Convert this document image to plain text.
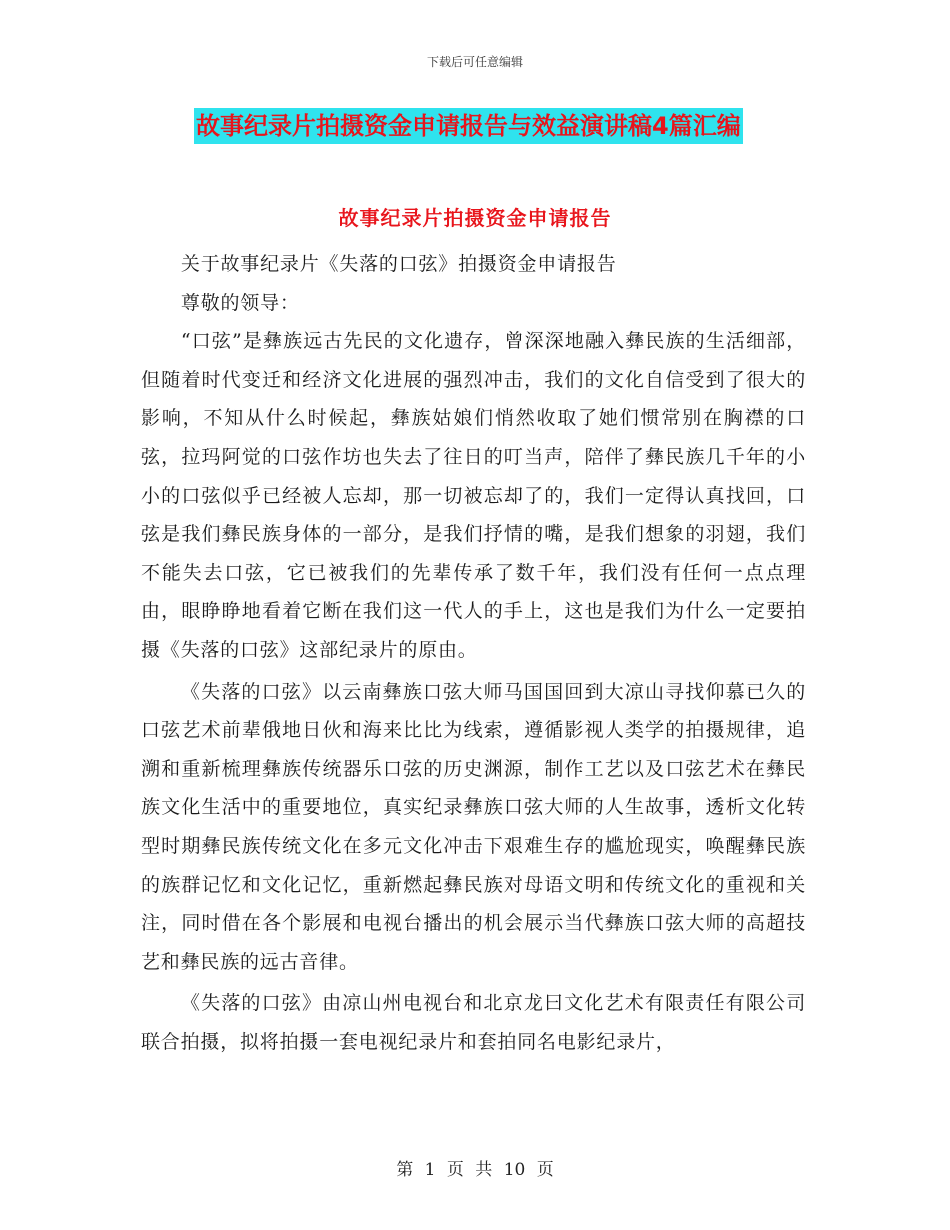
下载后可任意编辑
故事纪录片拍摄资金申请报告与效益演讲稿4篇汇编
故事纪录片拍摄资金申请报告

关于故事纪录片《失落的口弦》拍摄资金申请报告

尊敬的领导：

“口弦”是彝族远古先民的文化遗存，曾深深地融入彝民族的生活细部，但随着时代变迁和经济文化进展的强烈冲击，我们的文化自信受到了很大的影响，不知从什么时候起，彝族姑娘们悄然收取了她们惯常别在胸襟的口弦，拉玛阿觉的口弦作坊也失去了往日的叮当声，陪伴了彝民族几千年的小小的口弦似乎已经被人忘却，那一切被忘却了的，我们一定得认真找回，口弦是我们彝民族身体的一部分，是我们抒情的嘴，是我们想象的羽翅，我们不能失去口弦，它已被我们的先辈传承了数千年，我们没有任何一点点理由，眼睁睁地看着它断在我们这一代人的手上，这也是我们为什么一定要拍摄《失落的口弦》这部纪录片的原由。

《失落的口弦》以云南彝族口弦大师马国国回到大凉山寻找仰慕已久的口弦艺术前辈俄地日伙和海来比比为线索，遵循影视人类学的拍摄规律，追溯和重新梳理彝族传统器乐口弦的历史渊源，制作工艺以及口弦艺术在彝民族文化生活中的重要地位，真实纪录彝族口弦大师的人生故事，透析文化转型时期彝民族传统文化在多元文化冲击下艰难生存的尴尬现实，唤醒彝民族的族群记忆和文化记忆，重新燃起彝民族对母语文明和传统文化的重视和关注，同时借在各个影展和电视台播出的机会展示当代彝族口弦大师的高超技艺和彝民族的远古音律。

《失落的口弦》由凉山州电视台和北京龙曰文化艺术有限责任有限公司联合拍摄，拟将拍摄一套电视纪录片和套拍同名电影纪录片，

第 1 页 共 10 页
